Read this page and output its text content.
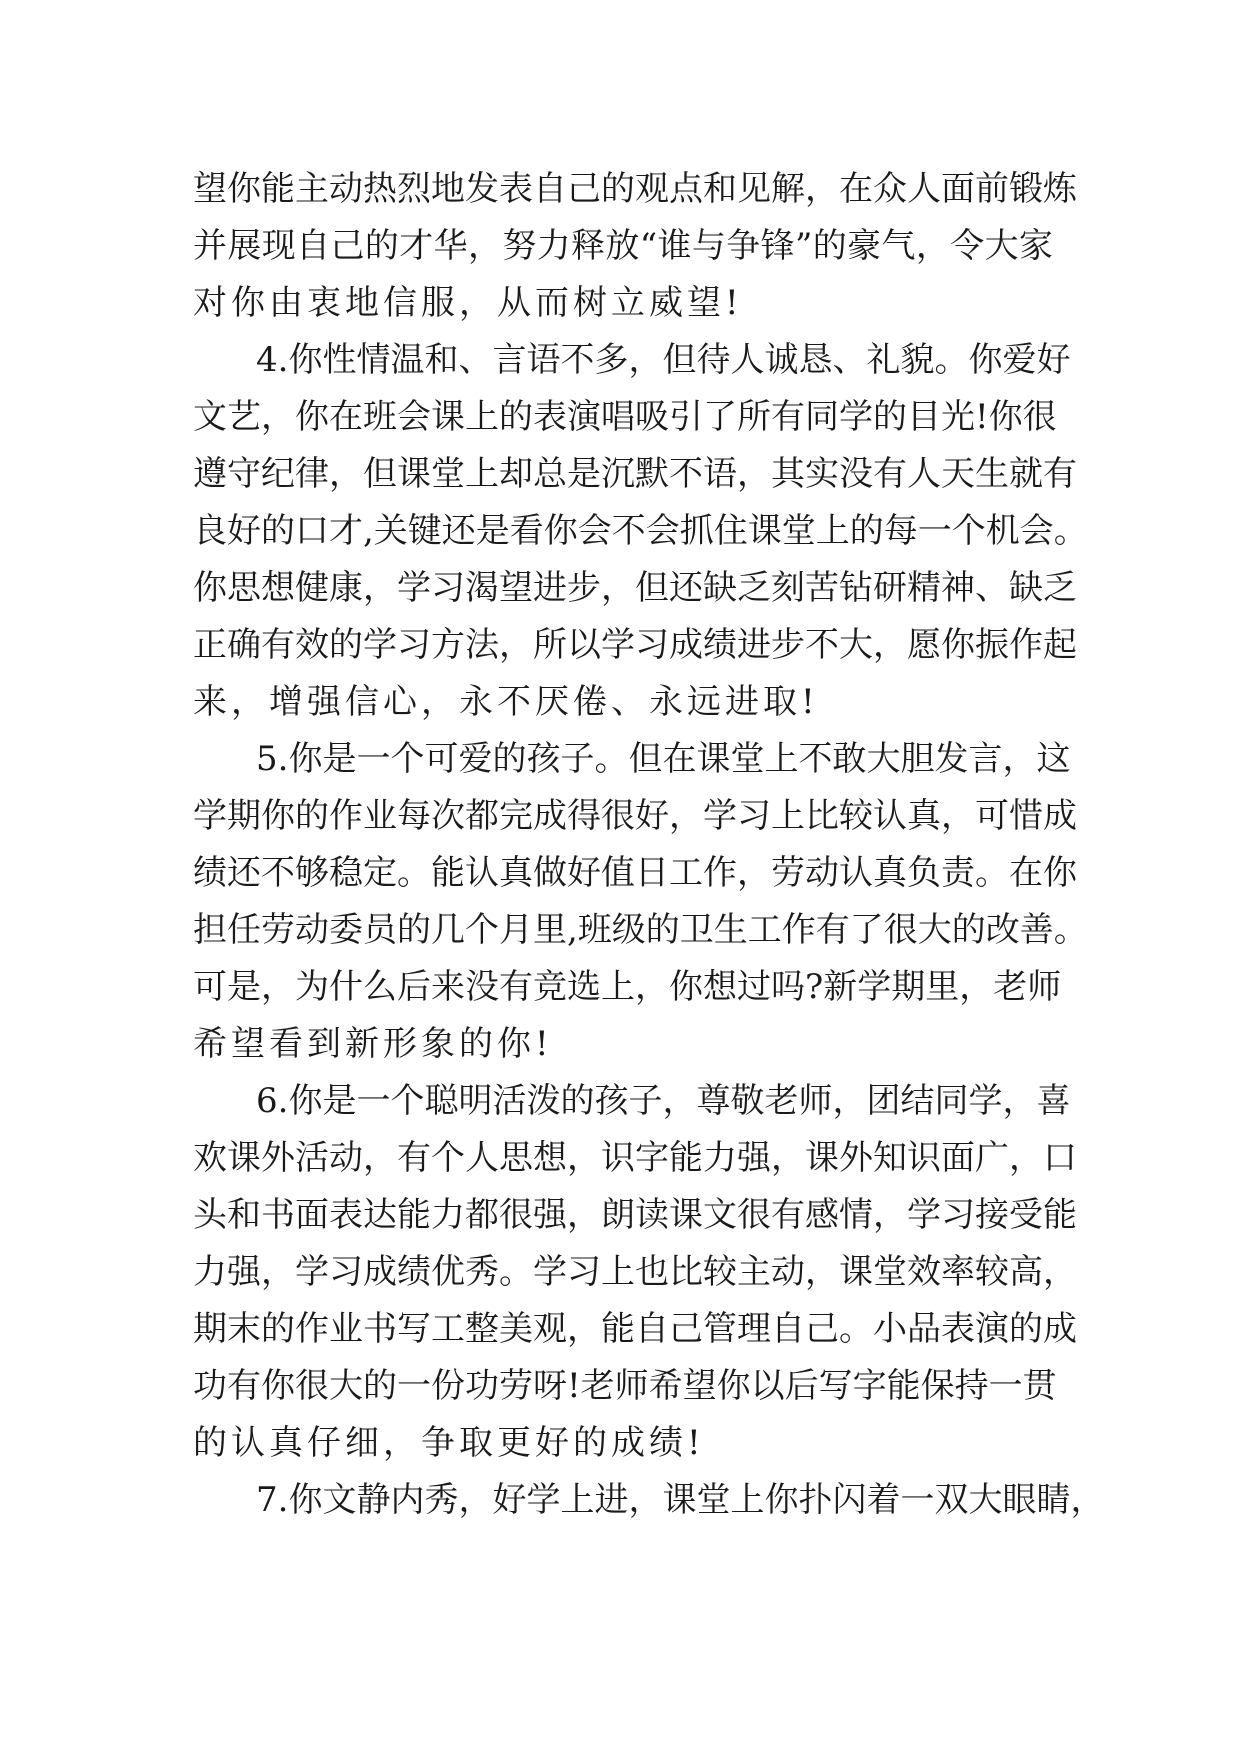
望你能主动热烈地发表自己的观点和见解，在众人面前锻炼
并展现自己的才华，努力释放“谁与争锋”的豪气，令大家
对你由衷地信服，从而树立威望!
4.你性情温和、言语不多，但待人诚恳、礼貌。你爱好
文艺，你在班会课上的表演唱吸引了所有同学的目光!你很
遵守纪律，但课堂上却总是沉默不语，其实没有人天生就有
良好的口才,关键还是看你会不会抓住课堂上的每一个机会。
你思想健康，学习渴望进步，但还缺乏刻苦钻研精神、缺乏
正确有效的学习方法，所以学习成绩进步不大，愿你振作起
来，增强信心，永不厌倦、永远进取!
5.你是一个可爱的孩子。但在课堂上不敢大胆发言，这
学期你的作业每次都完成得很好，学习上比较认真，可惜成
绩还不够稳定。能认真做好值日工作，劳动认真负责。在你
担任劳动委员的几个月里,班级的卫生工作有了很大的改善。
可是，为什么后来没有竞选上，你想过吗?新学期里，老师
希望看到新形象的你!
6.你是一个聪明活泼的孩子，尊敬老师，团结同学，喜
欢课外活动，有个人思想，识字能力强，课外知识面广，口
头和书面表达能力都很强，朗读课文很有感情，学习接受能
力强，学习成绩优秀。学习上也比较主动，课堂效率较高，
期末的作业书写工整美观，能自己管理自己。小品表演的成
功有你很大的一份功劳呀!老师希望你以后写字能保持一贯
的认真仔细，争取更好的成绩!
7.你文静内秀，好学上进，课堂上你扑闪着一双大眼睛，
